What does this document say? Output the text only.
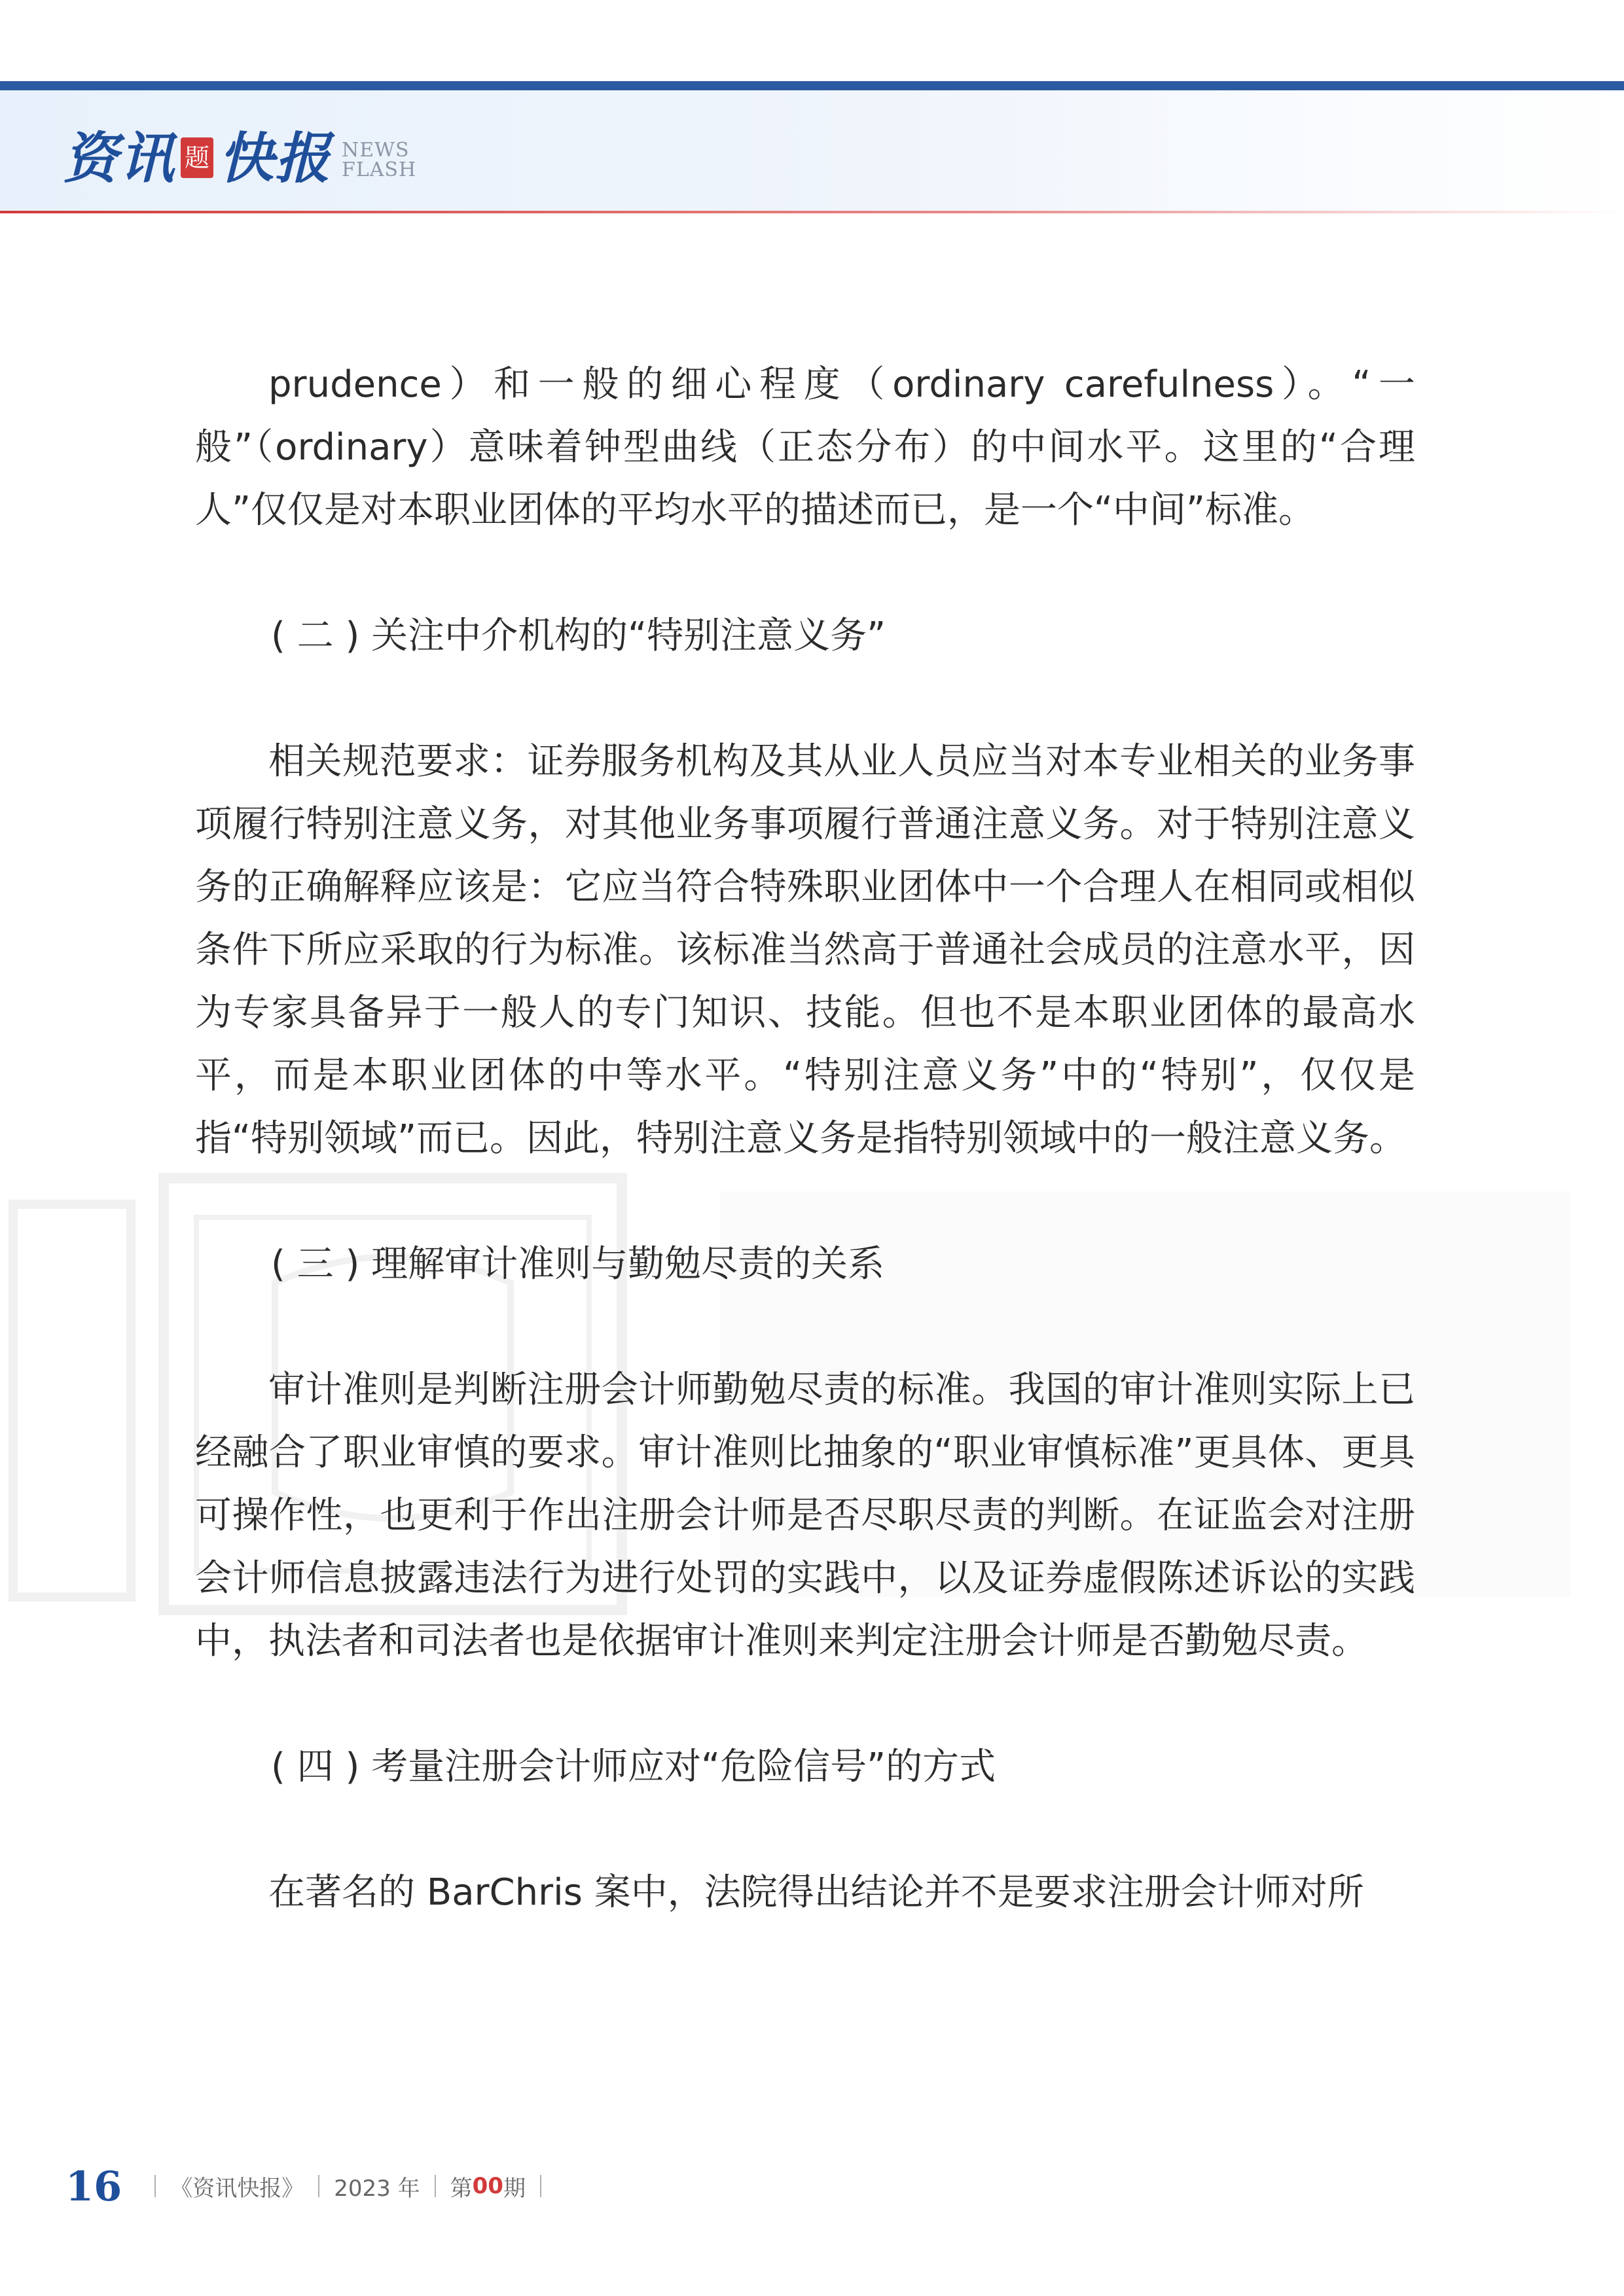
资讯 题 快报 NEWS
FLASH

prudence）和一般的细心程度（ordinary carefulness）。“一般”（ordinary）意味着钟型曲线（正态分布）的中间水平。这里的“合理人”仅仅是对本职业团体的平均水平的描述而已，是一个“中间”标准。

( 二 ) 关注中介机构的“特别注意义务”

相关规范要求：证券服务机构及其从业人员应当对本专业相关的业务事项履行特别注意义务，对其他业务事项履行普通注意义务。对于特别注意义务的正确解释应该是：它应当符合特殊职业团体中一个合理人在相同或相似条件下所应采取的行为标准。该标准当然高于普通社会成员的注意水平，因为专家具备异于一般人的专门知识、技能。但也不是本职业团体的最高水平，而是本职业团体的中等水平。“特别注意义务”中的“特别”，仅仅是指“特别领域”而已。因此，特别注意义务是指特别领域中的一般注意义务。

( 三 ) 理解审计准则与勤勉尽责的关系

审计准则是判断注册会计师勤勉尽责的标准。我国的审计准则实际上已经融合了职业审慎的要求。审计准则比抽象的“职业审慎标准”更具体、更具可操作性，也更利于作出注册会计师是否尽职尽责的判断。在证监会对注册会计师信息披露违法行为进行处罚的实践中，以及证券虚假陈述诉讼的实践中，执法者和司法者也是依据审计准则来判定注册会计师是否勤勉尽责。

( 四 ) 考量注册会计师应对“危险信号”的方式

在著名的 BarChris 案中，法院得出结论并不是要求注册会计师对所

16 《资讯快报》 2023 年 第 00 期
